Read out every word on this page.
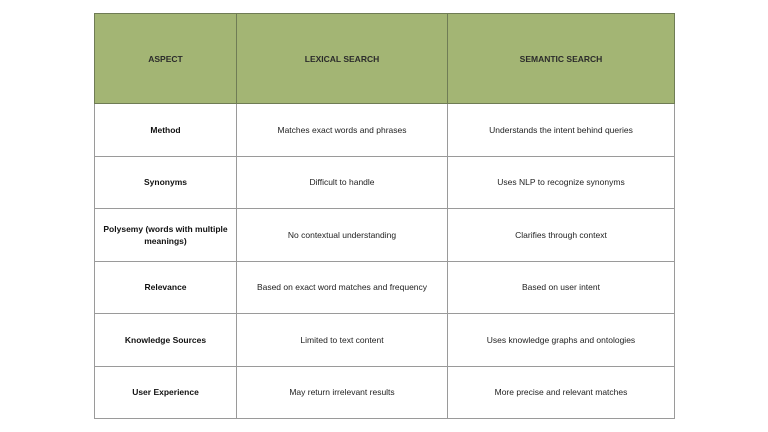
ASPECT	LEXICAL SEARCH	SEMANTIC SEARCH
Method	Matches exact words and phrases	Understands the intent behind queries
Synonyms	Difficult to handle	Uses NLP to recognize synonyms
Polysemy (words with multiple meanings)	No contextual understanding	Clarifies through context
Relevance	Based on exact word matches and frequency	Based on user intent
Knowledge Sources	Limited to text content	Uses knowledge graphs and ontologies
User Experience	May return irrelevant results	More precise and relevant matches
